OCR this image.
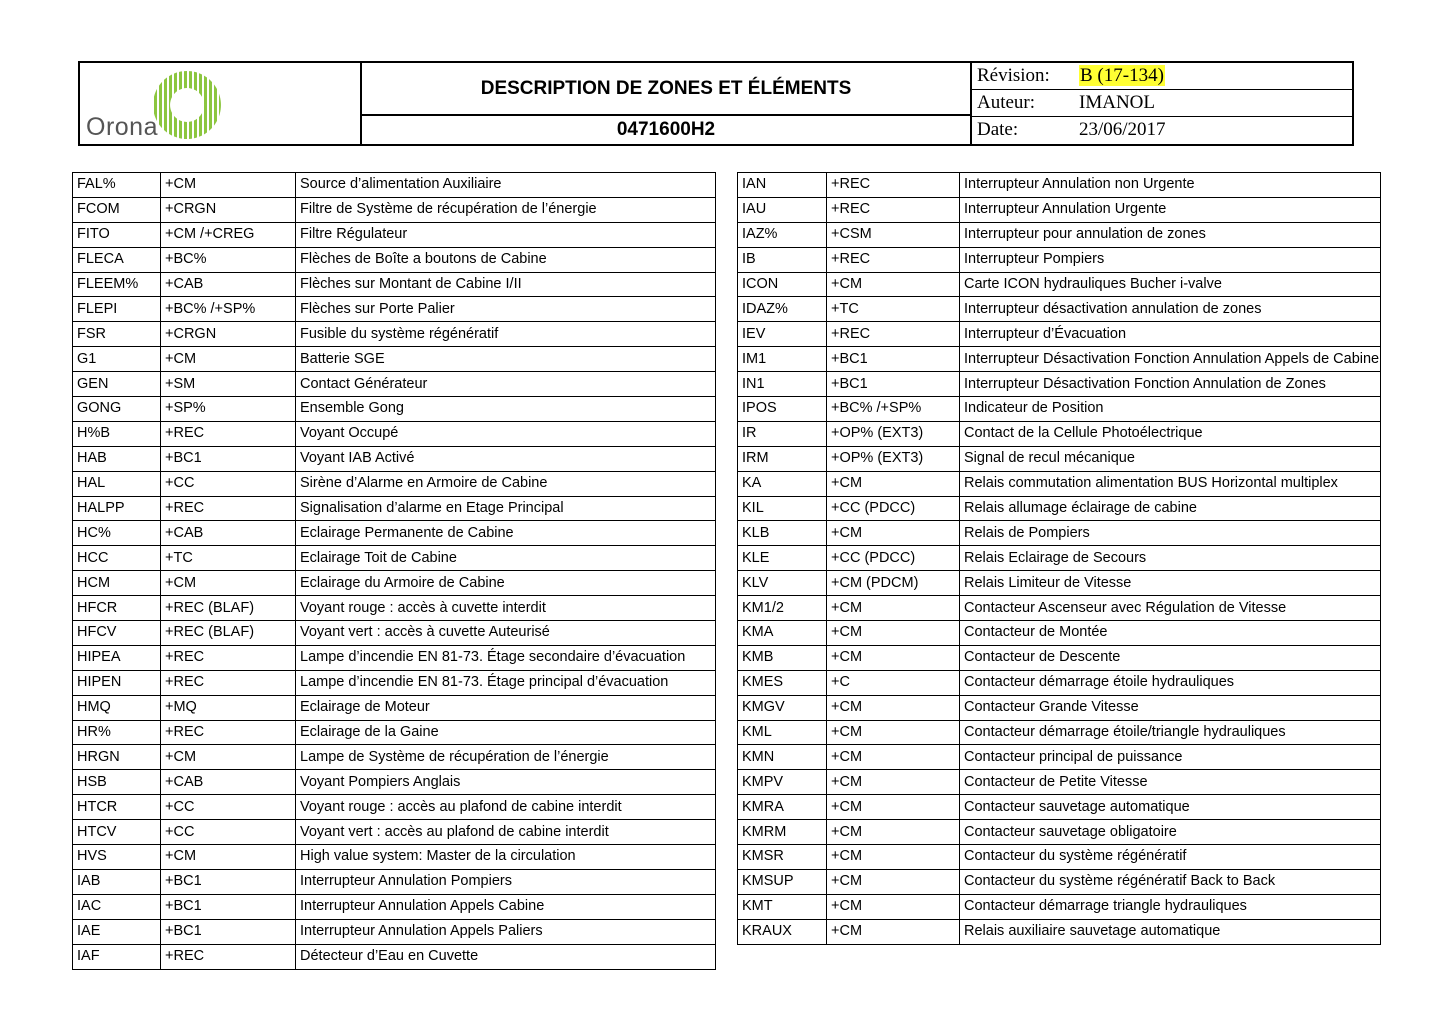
Orona
DESCRIPTION DE ZONES ET ÉLÉMENTS
0471600H2
Révision: B (17-134)
Auteur: IMANOL
Date:	23/06/2017
FAL%	+CM	Source d’alimentation Auxiliaire
FCOM	+CRGN	Filtre de Système de récupération de l’énergie
FITO	+CM /+CREG	Filtre Régulateur
FLECA	+BC%	Flèches de Boîte a boutons de Cabine
FLEEM%	+CAB	Flèches sur Montant de Cabine I/II
FLEPI	+BC% /+SP%	Flèches sur Porte Palier
FSR	+CRGN	Fusible du système régénératif
G1	+CM	Batterie SGE
GEN	+SM	Contact Générateur
GONG	+SP%	Ensemble Gong
H%B	+REC	Voyant Occupé
HAB	+BC1	Voyant IAB Activé
HAL	+CC	Sirène d’Alarme en Armoire de Cabine
HALPP	+REC	Signalisation d’alarme en Etage Principal
HC%	+CAB	Eclairage Permanente de Cabine
HCC	+TC	Eclairage Toit de Cabine
HCM	+CM	Eclairage du Armoire de Cabine
HFCR	+REC (BLAF)	Voyant rouge : accès à cuvette interdit
HFCV	+REC (BLAF)	Voyant vert : accès à cuvette Auteurisé
HIPEA	+REC	Lampe d’incendie EN 81-73. Étage secondaire d’évacuation
HIPEN	+REC	Lampe d’incendie EN 81-73. Étage principal d’évacuation
HMQ	+MQ	Eclairage de Moteur
HR%	+REC	Eclairage de la Gaine
HRGN	+CM	Lampe de Système de récupération de l’énergie
HSB	+CAB	Voyant Pompiers Anglais
HTCR	+CC	Voyant rouge : accès au plafond de cabine interdit
HTCV	+CC	Voyant vert : accès au plafond de cabine interdit
HVS	+CM	High value system: Master de la circulation
IAB	+BC1	Interrupteur Annulation Pompiers
IAC	+BC1	Interrupteur Annulation Appels Cabine
IAE	+BC1	Interrupteur Annulation Appels Paliers
IAF	+REC	Détecteur d’Eau en Cuvette
IAN	+REC	Interrupteur Annulation non Urgente
IAU	+REC	Interrupteur Annulation Urgente
IAZ%	+CSM	Interrupteur pour annulation de zones
IB	+REC	Interrupteur Pompiers
ICON	+CM	Carte ICON hydrauliques Bucher i-valve
IDAZ%	+TC	Interrupteur désactivation annulation de zones
IEV	+REC	Interrupteur d’Évacuation
IM1	+BC1	Interrupteur Désactivation Fonction Annulation Appels de Cabine
IN1	+BC1	Interrupteur Désactivation Fonction Annulation de Zones
IPOS	+BC% /+SP%	Indicateur de Position
IR	+OP% (EXT3)	Contact de la Cellule Photoélectrique
IRM	+OP% (EXT3)	Signal de recul mécanique
KA	+CM	Relais commutation alimentation BUS Horizontal multiplex
KIL	+CC (PDCC)	Relais allumage éclairage de cabine
KLB	+CM	Relais de Pompiers
KLE	+CC (PDCC)	Relais Eclairage de Secours
KLV	+CM (PDCM)	Relais Limiteur de Vitesse
KM1/2	+CM	Contacteur Ascenseur avec Régulation de Vitesse
KMA	+CM	Contacteur de Montée
KMB	+CM	Contacteur de Descente
KMES	+C	Contacteur démarrage étoile hydrauliques
KMGV	+CM	Contacteur Grande Vitesse
KML	+CM	Contacteur démarrage étoile/triangle hydrauliques
KMN	+CM	Contacteur principal de puissance
KMPV	+CM	Contacteur de Petite Vitesse
KMRA	+CM	Contacteur sauvetage automatique
KMRM	+CM	Contacteur sauvetage obligatoire
KMSR	+CM	Contacteur du système régénératif
KMSUP	+CM	Contacteur du système régénératif Back to Back
KMT	+CM	Contacteur démarrage triangle hydrauliques
KRAUX	+CM	Relais auxiliaire sauvetage automatique
